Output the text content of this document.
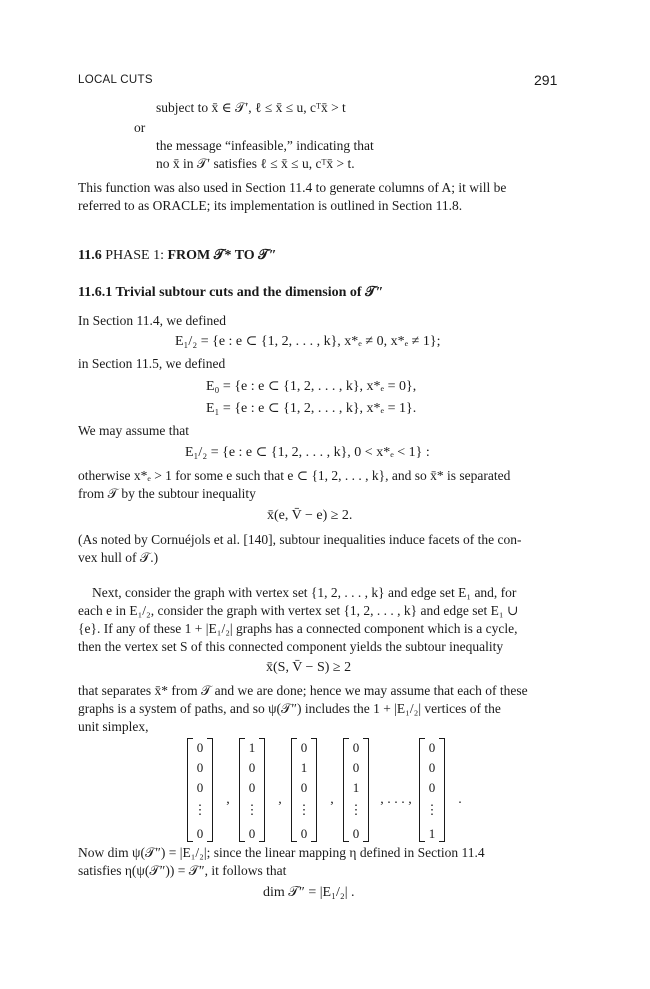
LOCAL CUTS	291
subject to x̄ ∈ 𝒯′, ℓ ≤ x̄ ≤ u, cᵀx̄ > t
or
the message “infeasible,” indicating that
no x̄ in 𝒯′ satisfies ℓ ≤ x̄ ≤ u, cᵀx̄ > t.
This function was also used in Section 11.4 to generate columns of A; it will be
referred to as ORACLE; its implementation is outlined in Section 11.8.
11.6 PHASE 1: FROM 𝒯* TO 𝒯″
11.6.1 Trivial subtour cuts and the dimension of 𝒯″
In Section 11.4, we defined
E₁/₂ = {e : e ⊂ {1, 2, . . . , k}, x*ₑ ≠ 0, x*ₑ ≠ 1};
in Section 11.5, we defined
E₀ = {e : e ⊂ {1, 2, . . . , k}, x*ₑ = 0},
E₁ = {e : e ⊂ {1, 2, . . . , k}, x*ₑ = 1}.
We may assume that
E₁/₂ = {e : e ⊂ {1, 2, . . . , k}, 0 < x*ₑ < 1} :
otherwise x*ₑ > 1 for some e such that e ⊂ {1, 2, . . . , k}, and so x̄* is separated
from 𝒯 by the subtour inequality
x̄(e, V̄ − e) ≥ 2.
(As noted by Cornuéjols et al. [140], subtour inequalities induce facets of the con-
vex hull of 𝒯.)
Next, consider the graph with vertex set {1, 2, . . . , k} and edge set E₁ and, for
each e in E₁/₂, consider the graph with vertex set {1, 2, . . . , k} and edge set E₁ ∪
{e}. If any of these 1 + |E₁/₂| graphs has a connected component which is a cycle,
then the vertex set S of this connected component yields the subtour inequality
x̄(S, V̄ − S) ≥ 2
that separates x̄* from 𝒯 and we are done; hence we may assume that each of these
graphs is a system of paths, and so ψ(𝒯″) includes the 1 + |E₁/₂| vertices of the
unit simplex,
0
0
0
⋮
0
,
1
0
0
⋮
0
,
0
1
0
⋮
0
,
0
0
1
⋮
0
, . . . ,
0
0
0
⋮
1
.
Now dim ψ(𝒯″) = |E₁/₂|; since the linear mapping η defined in Section 11.4
satisfies η(ψ(𝒯″)) = 𝒯″, it follows that
dim 𝒯″ = |E₁/₂| .
